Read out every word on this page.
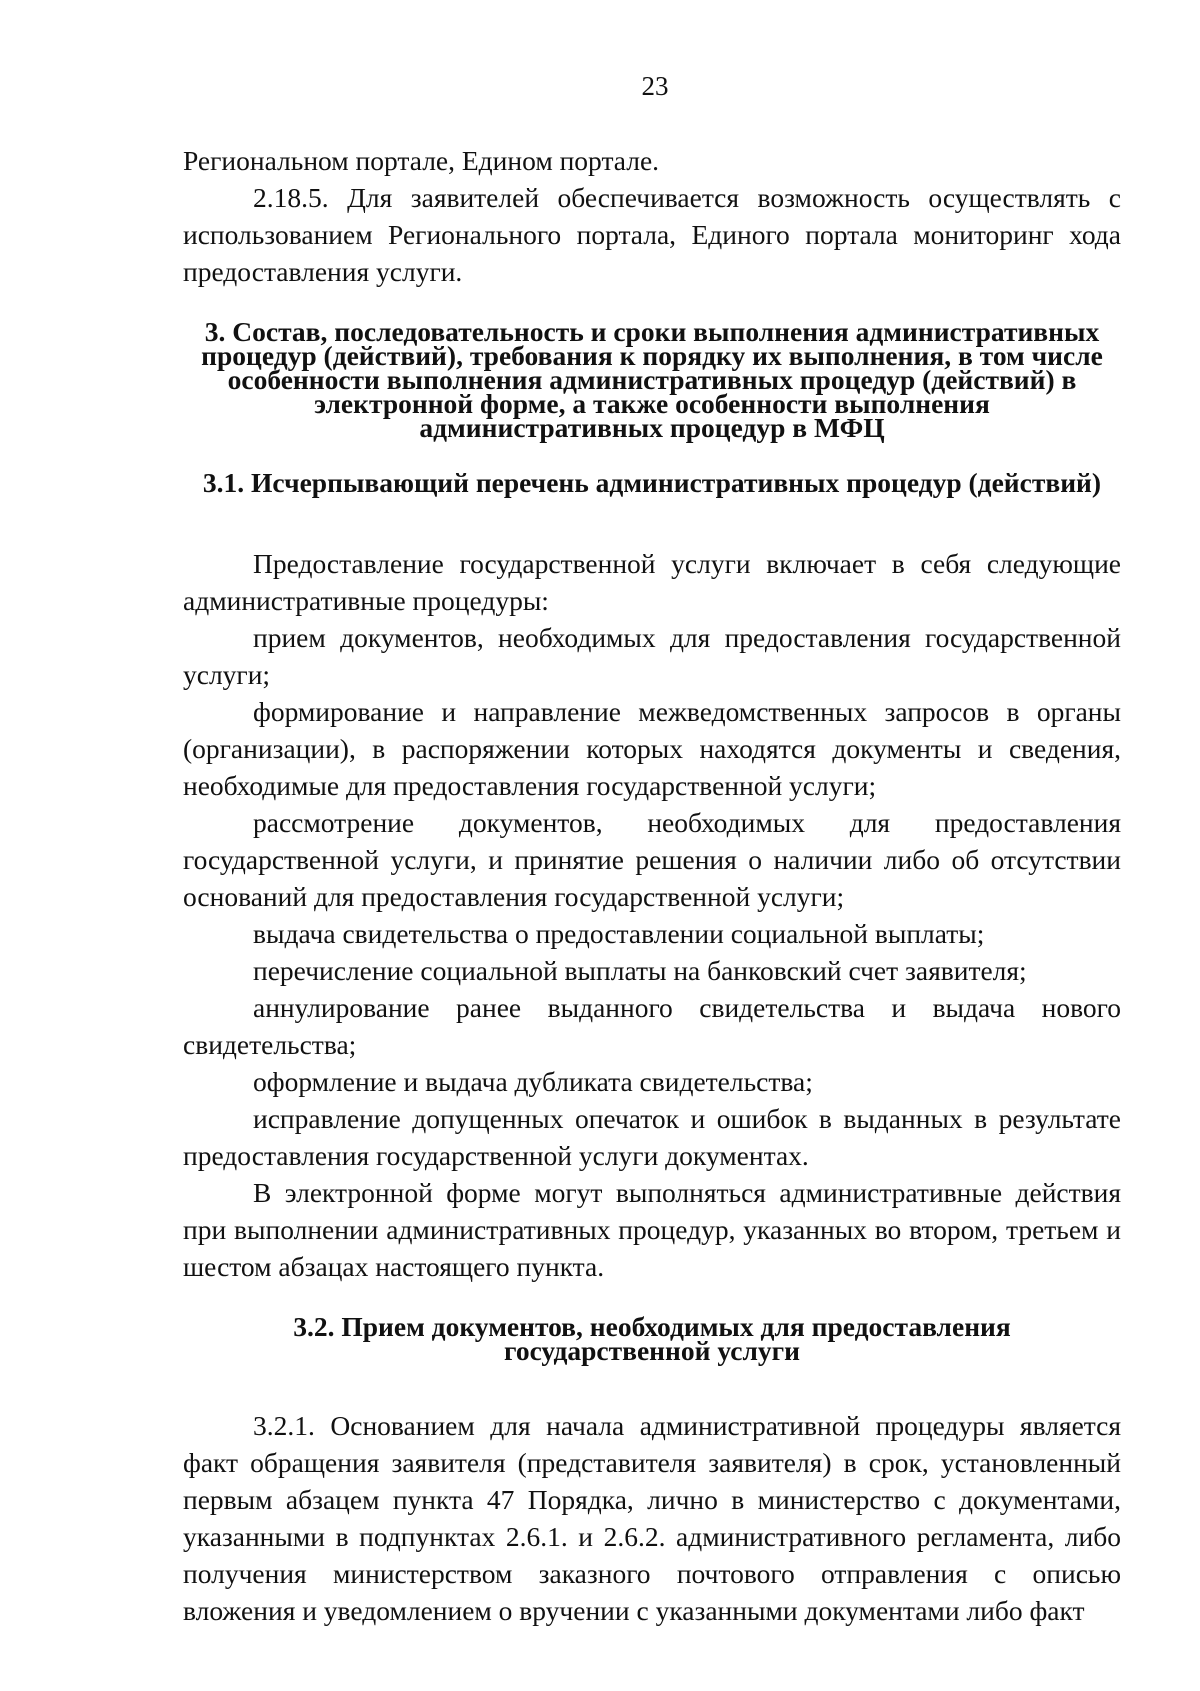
23

Региональном портале, Едином портале.

2.18.5. Для заявителей обеспечивается возможность осуществлять с использованием Регионального портала, Единого портала мониторинг хода предоставления услуги.

3. Состав, последовательность и сроки выполнения административных
процедур (действий), требования к порядку их выполнения, в том числе
особенности выполнения административных процедур (действий) в
электронной форме, а также особенности выполнения
административных процедур в МФЦ
3.1. Исчерпывающий перечень административных процедур (действий)

Предоставление государственной услуги включает в себя следующие административные процедуры:

прием документов, необходимых для предоставления государственной услуги;

формирование и направление межведомственных запросов в органы (организации), в распоряжении которых находятся документы и сведения, необходимые для предоставления государственной услуги;

рассмотрение документов, необходимых для предоставления государственной услуги, и принятие решения о наличии либо об отсутствии оснований для предоставления государственной услуги;

выдача свидетельства о предоставлении социальной выплаты;

перечисление социальной выплаты на банковский счет заявителя;

аннулирование ранее выданного свидетельства и выдача нового свидетельства;

оформление и выдача дубликата свидетельства;

исправление допущенных опечаток и ошибок в выданных в результате предоставления государственной услуги документах.

В электронной форме могут выполняться административные действия при выполнении административных процедур, указанных во втором, третьем и шестом абзацах настоящего пункта.

3.2. Прием документов, необходимых для предоставления
государственной услуги

3.2.1. Основанием для начала административной процедуры является факт обращения заявителя (представителя заявителя) в срок, установленный первым абзацем пункта 47 Порядка, лично в министерство с документами, указанными в подпунктах 2.6.1. и 2.6.2. административного регламента, либо получения министерством заказного почтового отправления с описью вложения и уведомлением о вручении с указанными документами либо факт
